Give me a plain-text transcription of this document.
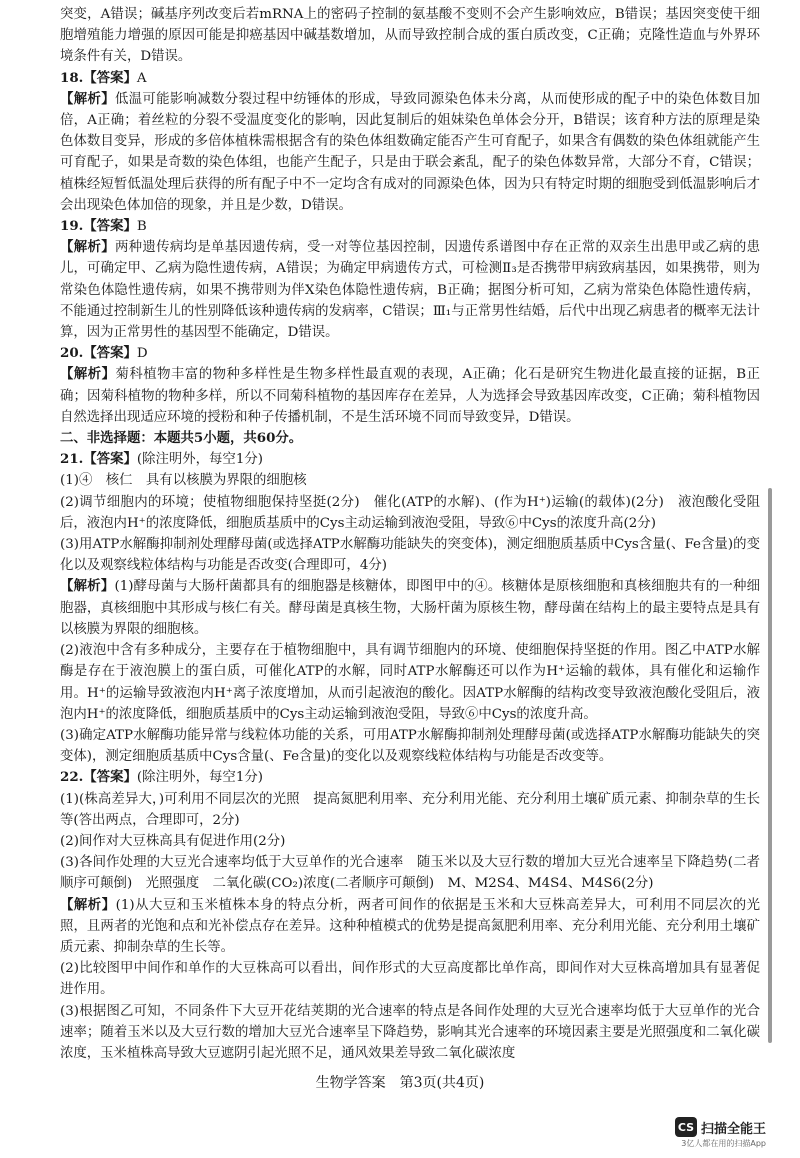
突变，A错误；碱基序列改变后若mRNA上的密码子控制的氨基酸不变则不会产生影响效应，B错误；基因突变使干细胞增殖能力增强的原因可能是抑癌基因中碱基数增加，从而导致控制合成的蛋白质改变，C正确；克隆性造血与外界环境条件有关，D错误。

18.【答案】A

【解析】低温可能影响减数分裂过程中纺锤体的形成，导致同源染色体未分离，从而使形成的配子中的染色体数目加倍，A正确；着丝粒的分裂不受温度变化的影响，因此复制后的姐妹染色单体会分开，B错误；该育种方法的原理是染色体数目变异，形成的多倍体植株需根据含有的染色体组数确定能否产生可育配子，如果含有偶数的染色体组就能产生可育配子，如果是奇数的染色体组，也能产生配子，只是由于联会紊乱，配子的染色体数异常，大部分不育，C错误；植株经短暂低温处理后获得的所有配子中不一定均含有成对的同源染色体，因为只有特定时期的细胞受到低温影响后才会出现染色体加倍的现象，并且是少数，D错误。

19.【答案】B

【解析】两种遗传病均是单基因遗传病，受一对等位基因控制，因遗传系谱图中存在正常的双亲生出患甲或乙病的患儿，可确定甲、乙病为隐性遗传病，A错误；为确定甲病遗传方式，可检测Ⅱ₃是否携带甲病致病基因，如果携带，则为常染色体隐性遗传病，如果不携带则为伴X染色体隐性遗传病，B正确；据图分析可知，乙病为常染色体隐性遗传病，不能通过控制新生儿的性别降低该种遗传病的发病率，C错误；Ⅲ₁与正常男性结婚，后代中出现乙病患者的概率无法计算，因为正常男性的基因型不能确定，D错误。

20.【答案】D

【解析】菊科植物丰富的物种多样性是生物多样性最直观的表现，A正确；化石是研究生物进化最直接的证据，B正确；因菊科植物的物种多样，所以不同菊科植物的基因库存在差异，人为选择会导致基因库改变，C正确；菊科植物因自然选择出现适应环境的授粉和种子传播机制，不是生活环境不同而导致变异，D错误。

二、非选择题：本题共5小题，共60分。

21.【答案】(除注明外，每空1分)

(1)④　核仁　具有以核膜为界限的细胞核

(2)调节细胞内的环境；使植物细胞保持坚挺(2分)　催化(ATP的水解)、(作为H⁺)运输(的载体)(2分)　液泡酸化受阻后，液泡内H⁺的浓度降低，细胞质基质中的Cys主动运输到液泡受阻，导致⑥中Cys的浓度升高(2分)

(3)用ATP水解酶抑制剂处理酵母菌(或选择ATP水解酶功能缺失的突变体)，测定细胞质基质中Cys含量(、Fe含量)的变化以及观察线粒体结构与功能是否改变(合理即可，4分)

【解析】(1)酵母菌与大肠杆菌都具有的细胞器是核糖体，即图甲中的④。核糖体是原核细胞和真核细胞共有的一种细胞器，真核细胞中其形成与核仁有关。酵母菌是真核生物，大肠杆菌为原核生物，酵母菌在结构上的最主要特点是具有以核膜为界限的细胞核。

(2)液泡中含有多种成分，主要存在于植物细胞中，具有调节细胞内的环境、使细胞保持坚挺的作用。图乙中ATP水解酶是存在于液泡膜上的蛋白质，可催化ATP的水解，同时ATP水解酶还可以作为H⁺运输的载体，具有催化和运输作用。H⁺的运输导致液泡内H⁺离子浓度增加，从而引起液泡的酸化。因ATP水解酶的结构改变导致液泡酸化受阻后，液泡内H⁺的浓度降低，细胞质基质中的Cys主动运输到液泡受阻，导致⑥中Cys的浓度升高。

(3)确定ATP水解酶功能异常与线粒体功能的关系，可用ATP水解酶抑制剂处理酵母菌(或选择ATP水解酶功能缺失的突变体)，测定细胞质基质中Cys含量(、Fe含量)的变化以及观察线粒体结构与功能是否改变等。

22.【答案】(除注明外，每空1分)

(1)(株高差异大，)可利用不同层次的光照　提高氮肥利用率、充分利用光能、充分利用土壤矿质元素、抑制杂草的生长等(答出两点，合理即可，2分)

(2)间作对大豆株高具有促进作用(2分)

(3)各间作处理的大豆光合速率均低于大豆单作的光合速率　随玉米以及大豆行数的增加大豆光合速率呈下降趋势(二者顺序可颠倒)　光照强度　二氧化碳(CO₂)浓度(二者顺序可颠倒)　M、M2S4、M4S4、M4S6(2分)

【解析】(1)从大豆和玉米植株本身的特点分析，两者可间作的依据是玉米和大豆株高差异大，可利用不同层次的光照，且两者的光饱和点和光补偿点存在差异。这种种植模式的优势是提高氮肥利用率、充分利用光能、充分利用土壤矿质元素、抑制杂草的生长等。

(2)比较图甲中间作和单作的大豆株高可以看出，间作形式的大豆高度都比单作高，即间作对大豆株高增加具有显著促进作用。

(3)根据图乙可知，不同条件下大豆开花结荚期的光合速率的特点是各间作处理的大豆光合速率均低于大豆单作的光合速率；随着玉米以及大豆行数的增加大豆光合速率呈下降趋势，影响其光合速率的环境因素主要是光照强度和二氧化碳浓度，玉米植株高导致大豆遮阴引起光照不足，通风效果差导致二氧化碳浓度

生物学答案　第3页(共4页)
CS 扫描全能王
3亿人都在用的扫描App
